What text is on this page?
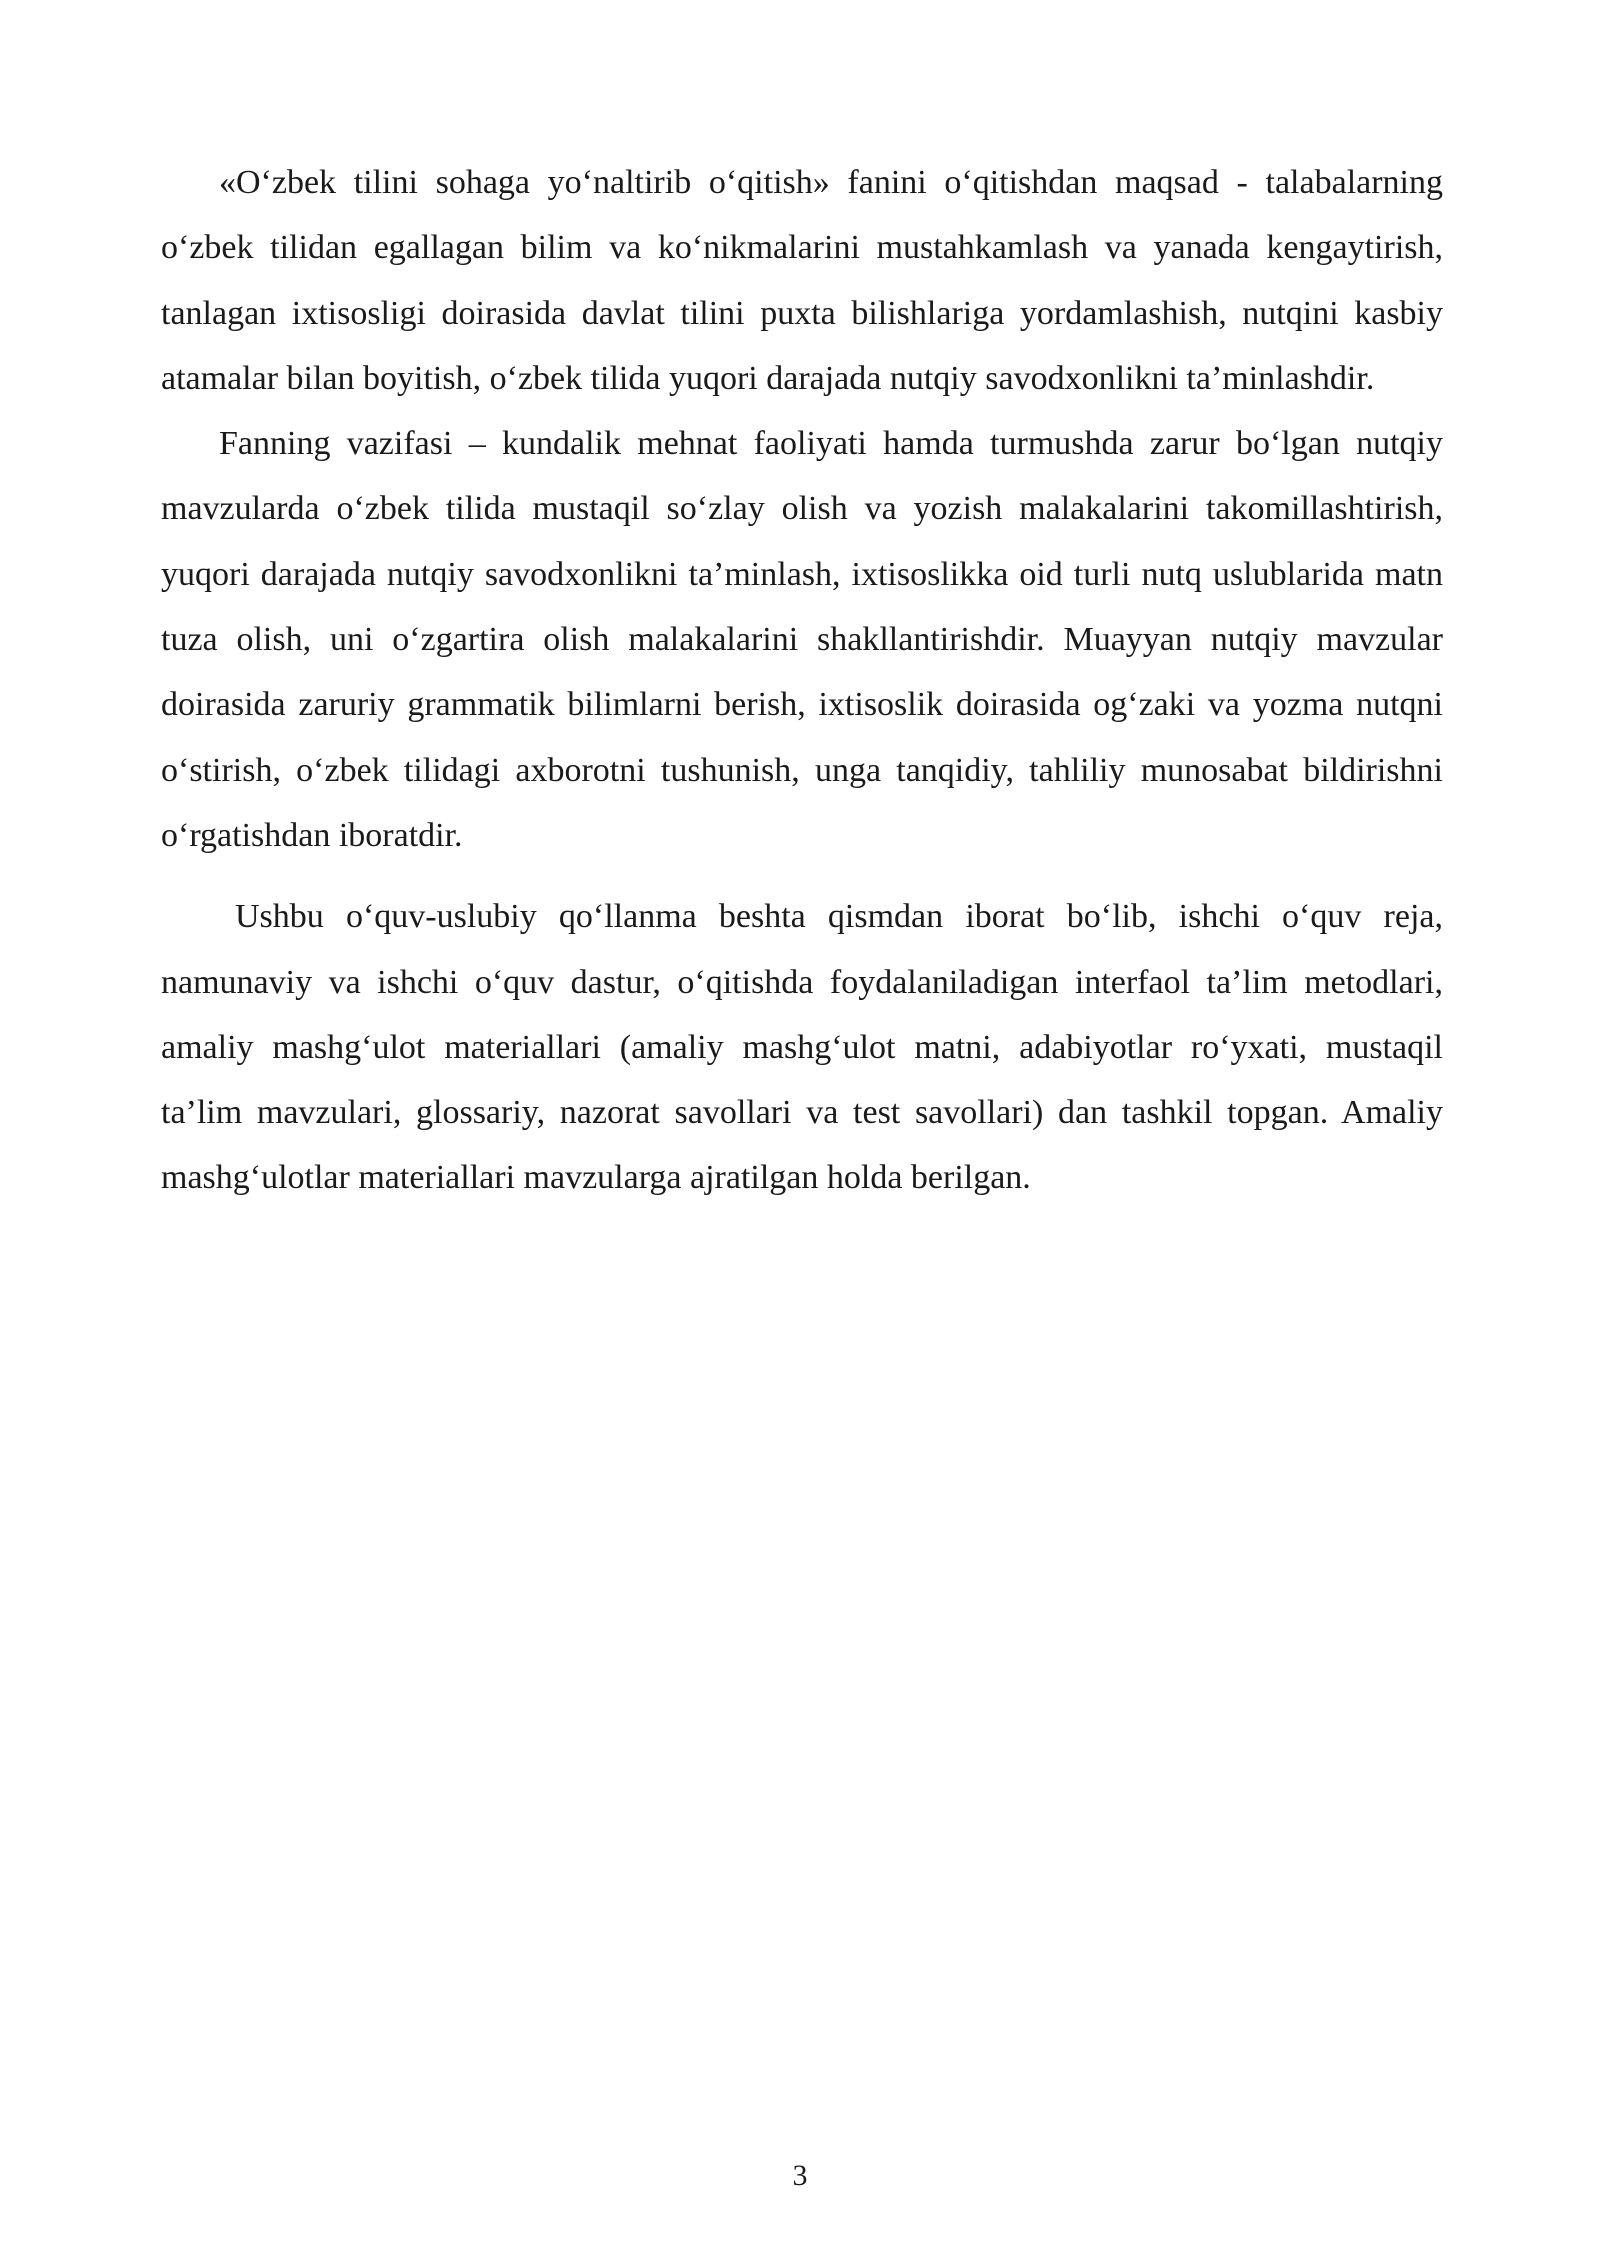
«O‘zbek tilini sohaga yo‘naltirib o‘qitish» fanini o‘qitishdan maqsad - talabalarning o‘zbek tilidan egallagan bilim va ko‘nikmalarini mustahkamlash va yanada kengaytirish, tanlagan ixtisosligi doirasida davlat tilini puxta bilishlariga yordamlashish, nutqini kasbiy atamalar bilan boyitish, o‘zbek tilida yuqori darajada nutqiy savodxonlikni ta’minlashdir.

Fanning vazifasi – kundalik mehnat faoliyati hamda turmushda zarur bo‘lgan nutqiy mavzularda o‘zbek tilida mustaqil so‘zlay olish va yozish malakalarini takomillashtirish, yuqori darajada nutqiy savodxonlikni ta’minlash, ixtisoslikka oid turli nutq uslublarida matn tuza olish, uni o‘zgartira olish malakalarini shakllantirishdir. Muayyan nutqiy mavzular doirasida zaruriy grammatik bilimlarni berish, ixtisoslik doirasida og‘zaki va yozma nutqni o‘stirish, o‘zbek tilidagi axborotni tushunish, unga tanqidiy, tahliliy munosabat bildirishni o‘rgatishdan iboratdir.

Ushbu o‘quv-uslubiy qo‘llanma beshta qismdan iborat bo‘lib, ishchi o‘quv reja, namunaviy va ishchi o‘quv dastur, o‘qitishda foydalaniladigan interfaol ta’lim metodlari, amaliy mashg‘ulot materiallari (amaliy mashg‘ulot matni, adabiyotlar ro‘yxati, mustaqil ta’lim mavzulari, glossariy, nazorat savollari va test savollari) dan tashkil topgan. Amaliy mashg‘ulotlar materiallari mavzularga ajratilgan holda berilgan.

3
